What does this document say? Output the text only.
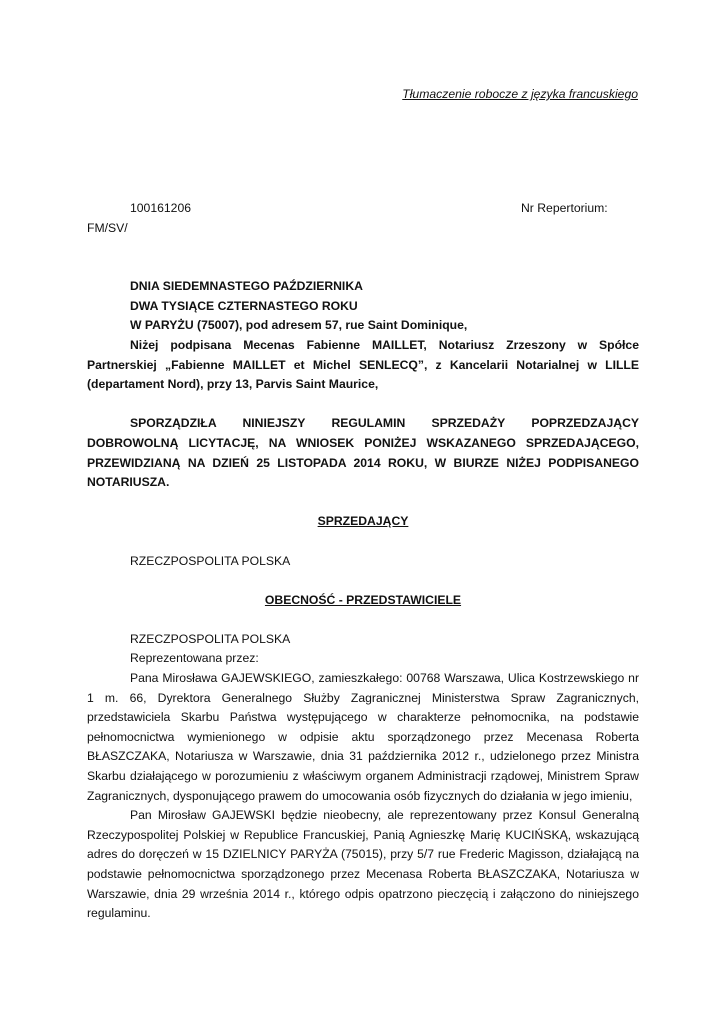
Tłumaczenie robocze z języka francuskiego
100161206	Nr Repertorium:
FM/SV/
DNIA SIEDEMNASTEGO PAŹDZIERNIKA
DWA TYSIĄCE CZTERNASTEGO ROKU
W PARYŻU (75007), pod adresem 57, rue Saint Dominique,

Niżej podpisana Mecenas Fabienne MAILLET, Notariusz Zrzeszony w Spółce Partnerskiej „Fabienne MAILLET et Michel SENLECQ”, z Kancelarii Notarialnej w LILLE (departament Nord), przy 13, Parvis Saint Maurice,

SPORZĄDZIŁA NINIEJSZY REGULAMIN SPRZEDAŻY POPRZEDZAJĄCY DOBROWOLNĄ LICYTACJĘ, NA WNIOSEK PONIŻEJ WSKAZANEGO SPRZEDAJĄCEGO, PRZEWIDZIANĄ NA DZIEŃ 25 LISTOPADA 2014 ROKU, W BIURZE NIŻEJ PODPISANEGO NOTARIUSZA.

SPRZEDAJĄCY
RZECZPOSPOLITA POLSKA
OBECNOŚĆ - PRZEDSTAWICIELE
RZECZPOSPOLITA POLSKA
Reprezentowana przez:

Pana Mirosława GAJEWSKIEGO, zamieszkałego: 00768 Warszawa, Ulica Kostrzewskiego nr 1 m. 66, Dyrektora Generalnego Służby Zagranicznej Ministerstwa Spraw Zagranicznych, przedstawiciela Skarbu Państwa występującego w charakterze pełnomocnika, na podstawie pełnomocnictwa wymienionego w odpisie aktu sporządzonego przez Mecenasa Roberta BŁASZCZAKA, Notariusza w Warszawie, dnia 31 października 2012 r., udzielonego przez Ministra Skarbu działającego w porozumieniu z właściwym organem Administracji rządowej, Ministrem Spraw Zagranicznych, dysponującego prawem do umocowania osób fizycznych do działania w jego imieniu,

Pan Mirosław GAJEWSKI będzie nieobecny, ale reprezentowany przez Konsul Generalną Rzeczypospolitej Polskiej w Republice Francuskiej, Panią Agnieszkę Marię KUCIŃSKĄ, wskazującą adres do doręczeń w 15 DZIELNICY PARYŻA (75015), przy 5/7 rue Frederic Magisson, działającą na podstawie pełnomocnictwa sporządzonego przez Mecenasa Roberta BŁASZCZAKA, Notariusza w Warszawie, dnia 29 września 2014 r., którego odpis opatrzono pieczęcią i załączono do niniejszego regulaminu.
